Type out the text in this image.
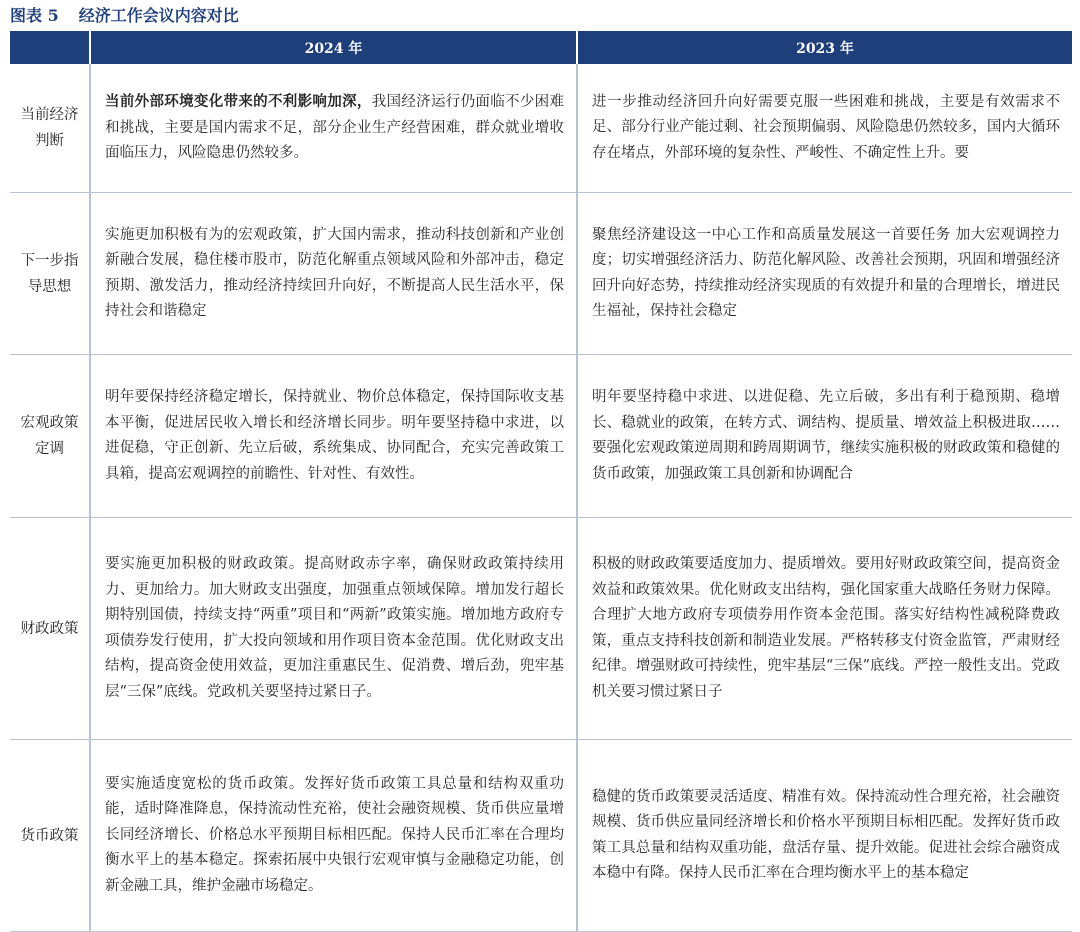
图表 5 经济工作会议内容对比
	2024 年	2023 年
当前经济判断	当前外部环境变化带来的不利影响加深，我国经济运行仍面临不少困难和挑战，主要是国内需求不足，部分企业生产经营困难，群众就业增收面临压力，风险隐患仍然较多。	进一步推动经济回升向好需要克服一些困难和挑战，主要是有效需求不足、部分行业产能过剩、社会预期偏弱、风险隐患仍然较多，国内大循环存在堵点，外部环境的复杂性、严峻性、不确定性上升。要
下一步指导思想	实施更加积极有为的宏观政策，扩大国内需求，推动科技创新和产业创新融合发展，稳住楼市股市，防范化解重点领域风险和外部冲击，稳定预期、激发活力，推动经济持续回升向好，不断提高人民生活水平，保持社会和谐稳定	聚焦经济建设这一中心工作和高质量发展这一首要任务 加大宏观调控力度；切实增强经济活力、防范化解风险、改善社会预期，巩固和增强经济回升向好态势，持续推动经济实现质的有效提升和量的合理增长，增进民生福祉，保持社会稳定
宏观政策定调	明年要保持经济稳定增长，保持就业、物价总体稳定，保持国际收支基本平衡，促进居民收入增长和经济增长同步。明年要坚持稳中求进，以进促稳，守正创新、先立后破，系统集成、协同配合，充实完善政策工具箱，提高宏观调控的前瞻性、针对性、有效性。	明年要坚持稳中求进、以进促稳、先立后破，多出有利于稳预期、稳增长、稳就业的政策，在转方式、调结构、提质量、增效益上积极进取……要强化宏观政策逆周期和跨周期调节，继续实施积极的财政政策和稳健的货币政策，加强政策工具创新和协调配合
财政政策	要实施更加积极的财政政策。提高财政赤字率，确保财政政策持续用力、更加给力。加大财政支出强度，加强重点领域保障。增加发行超长期特别国债，持续支持“两重”项目和“两新”政策实施。增加地方政府专项债券发行使用，扩大投向领域和用作项目资本金范围。优化财政支出结构，提高资金使用效益，更加注重惠民生、促消费、增后劲，兜牢基层“三保”底线。党政机关要坚持过紧日子。	积极的财政政策要适度加力、提质增效。要用好财政政策空间，提高资金效益和政策效果。优化财政支出结构，强化国家重大战略任务财力保障。合理扩大地方政府专项债券用作资本金范围。落实好结构性减税降费政策，重点支持科技创新和制造业发展。严格转移支付资金监管，严肃财经纪律。增强财政可持续性，兜牢基层“三保”底线。严控一般性支出。党政机关要习惯过紧日子
货币政策	要实施适度宽松的货币政策。发挥好货币政策工具总量和结构双重功能，适时降准降息，保持流动性充裕，使社会融资规模、货币供应量增长同经济增长、价格总水平预期目标相匹配。保持人民币汇率在合理均衡水平上的基本稳定。探索拓展中央银行宏观审慎与金融稳定功能，创新金融工具，维护金融市场稳定。	稳健的货币政策要灵活适度、精准有效。保持流动性合理充裕，社会融资规模、货币供应量同经济增长和价格水平预期目标相匹配。发挥好货币政策工具总量和结构双重功能，盘活存量、提升效能。促进社会综合融资成本稳中有降。保持人民币汇率在合理均衡水平上的基本稳定
